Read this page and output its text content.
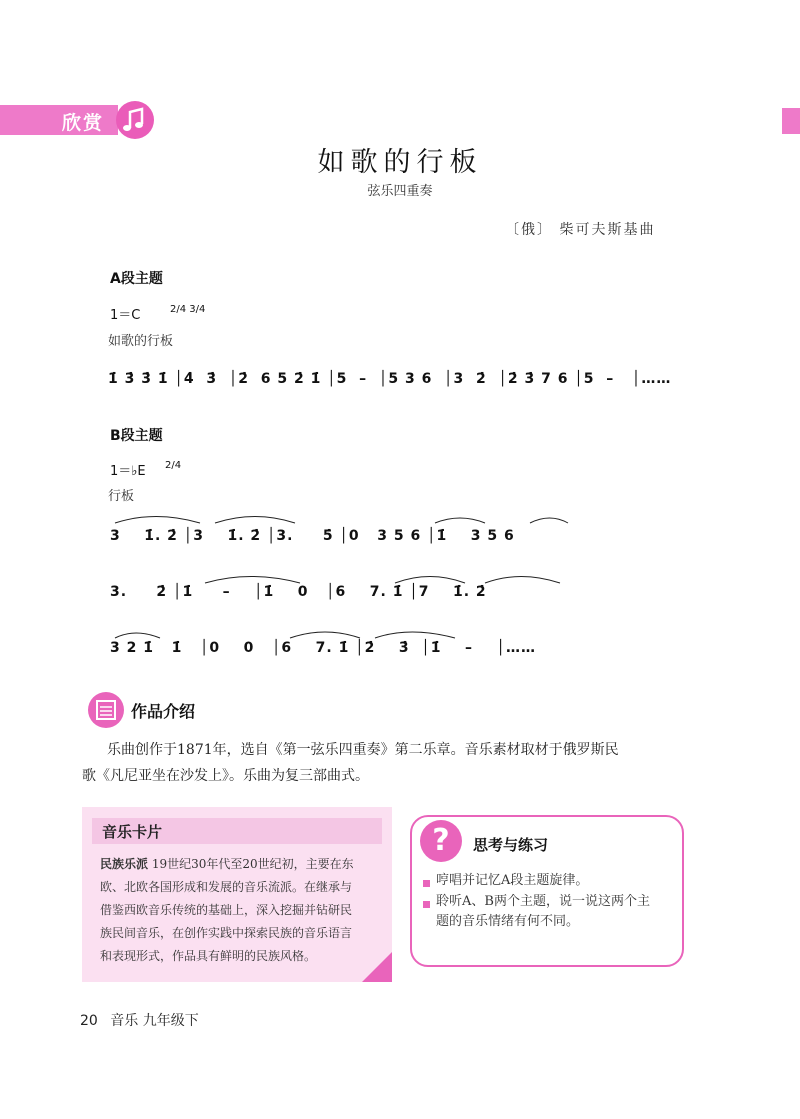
欣赏
如歌的行板
弦乐四重奏
〔俄〕 柴可夫斯基曲
A段主题
1＝C	2/4 3/4
如歌的行板
1̇ 3̇ 3̇ 1̇ │4̇  3̇  │2̇  6 5 2̇ 1̇ │5  –  │5 3 6  │3  2̇  │2̇ 3̇ 7 6 │5  –   │……
B段主题
1＝♭E 2/4
行板
3    1̇. 2̇ │3    1̇. 2̇ │3.     5̇ │0   3 5 6 │1̇    3 5 6
3.     2̇ │1̇     –    │1̇    0   │6    7. 1̇ │7    1̇. 2̇
3 2 1̇   1̇   │0    0   │6    7. 1̇ │2̇    3̇  │1̇    –    │……
作品介绍
乐曲创作于1871年，选自《第一弦乐四重奏》第二乐章。音乐素材取材于俄罗斯民
歌《凡尼亚坐在沙发上》。乐曲为复三部曲式。
音乐卡片
民族乐派 19世纪30年代至20世纪初，主要在东
欧、北欧各国形成和发展的音乐流派。在继承与
借鉴西欧音乐传统的基础上，深入挖掘并钻研民
族民间音乐，在创作实践中探索民族的音乐语言
和表现形式，作品具有鲜明的民族风格。
?	思考与练习
哼唱并记忆A段主题旋律。
聆听A、B两个主题，说一说这两个主
题的音乐情绪有何不同。
20 音乐 九年级下
